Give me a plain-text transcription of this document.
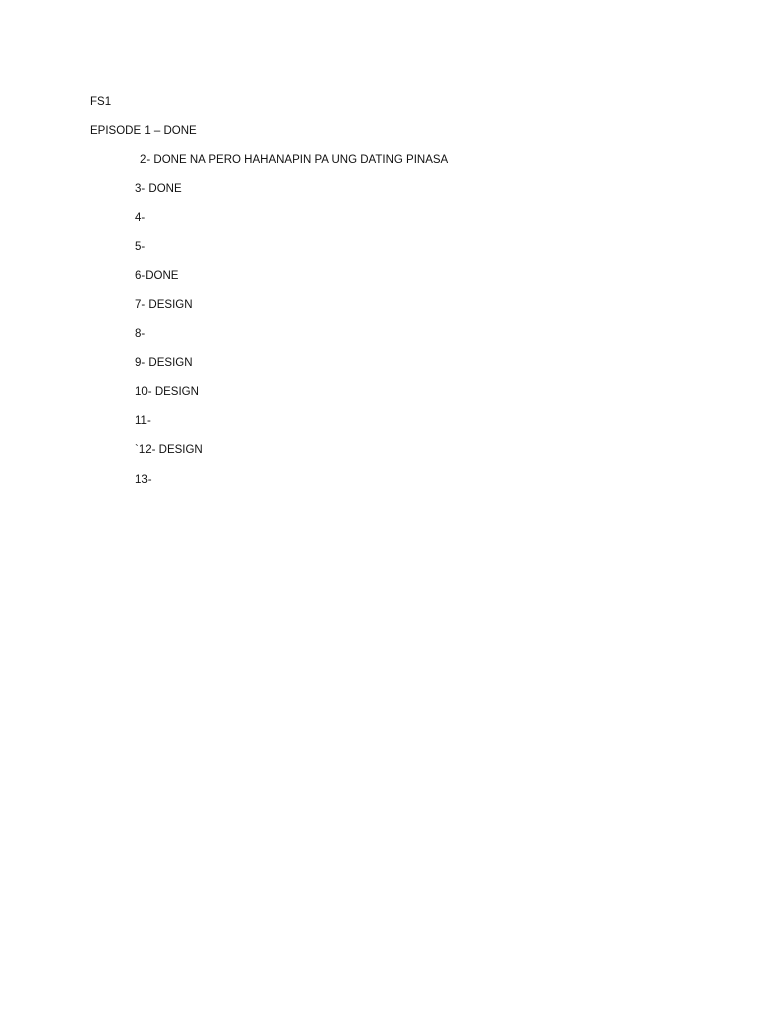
FS1
EPISODE 1 – DONE
2- DONE NA PERO HAHANAPIN PA UNG DATING PINASA
3- DONE
4-
5-
6-DONE
7- DESIGN
8-
9- DESIGN
10- DESIGN
11-
`12- DESIGN
13-
